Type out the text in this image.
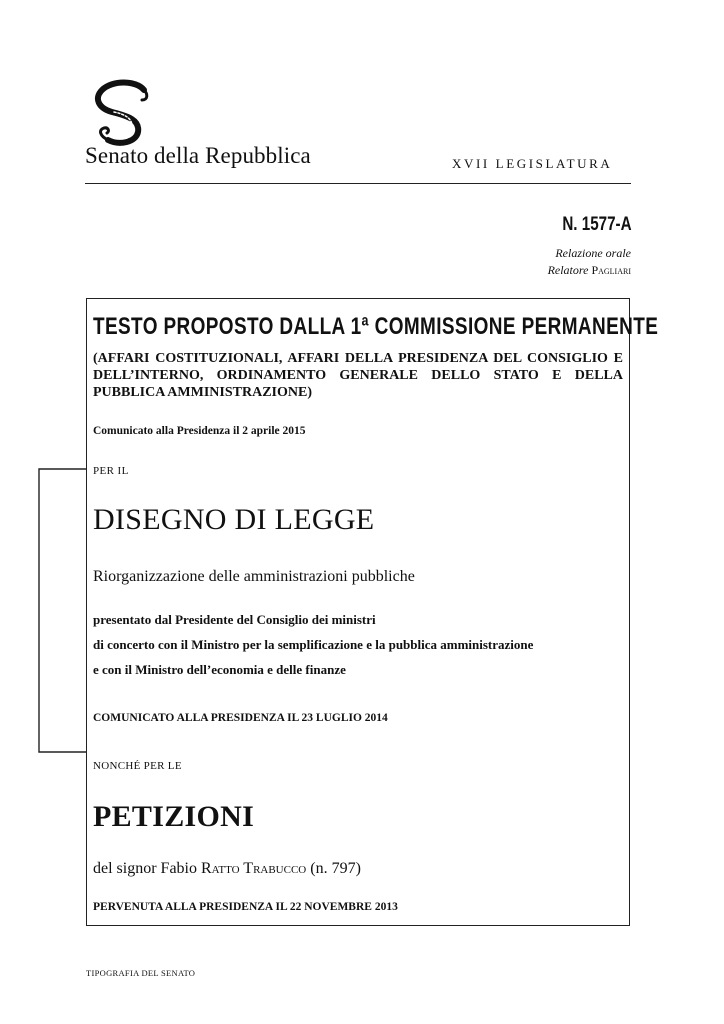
Senato della Repubblica	XVII LEGISLATURA
N. 1577-A
Relazione orale
Relatore Pagliari
TESTO PROPOSTO DALLA 1ª COMMISSIONE PERMANENTE
(AFFARI COSTITUZIONALI, AFFARI DELLA PRESIDENZA DEL CONSIGLIO E DELL’INTERNO, ORDINAMENTO GENERALE DELLO STATO E DELLA PUBBLICA AMMINISTRAZIONE)
Comunicato alla Presidenza il 2 aprile 2015
PER IL
DISEGNO DI LEGGE
Riorganizzazione delle amministrazioni pubbliche
presentato dal Presidente del Consiglio dei ministri
di concerto con il Ministro per la semplificazione e la pubblica amministrazione
e con il Ministro dell’economia e delle finanze
COMUNICATO ALLA PRESIDENZA IL 23 LUGLIO 2014
NONCHÉ PER LE
PETIZIONI
del signor Fabio Ratto Trabucco (n. 797)
PERVENUTA ALLA PRESIDENZA IL 22 NOVEMBRE 2013
TIPOGRAFIA DEL SENATO
